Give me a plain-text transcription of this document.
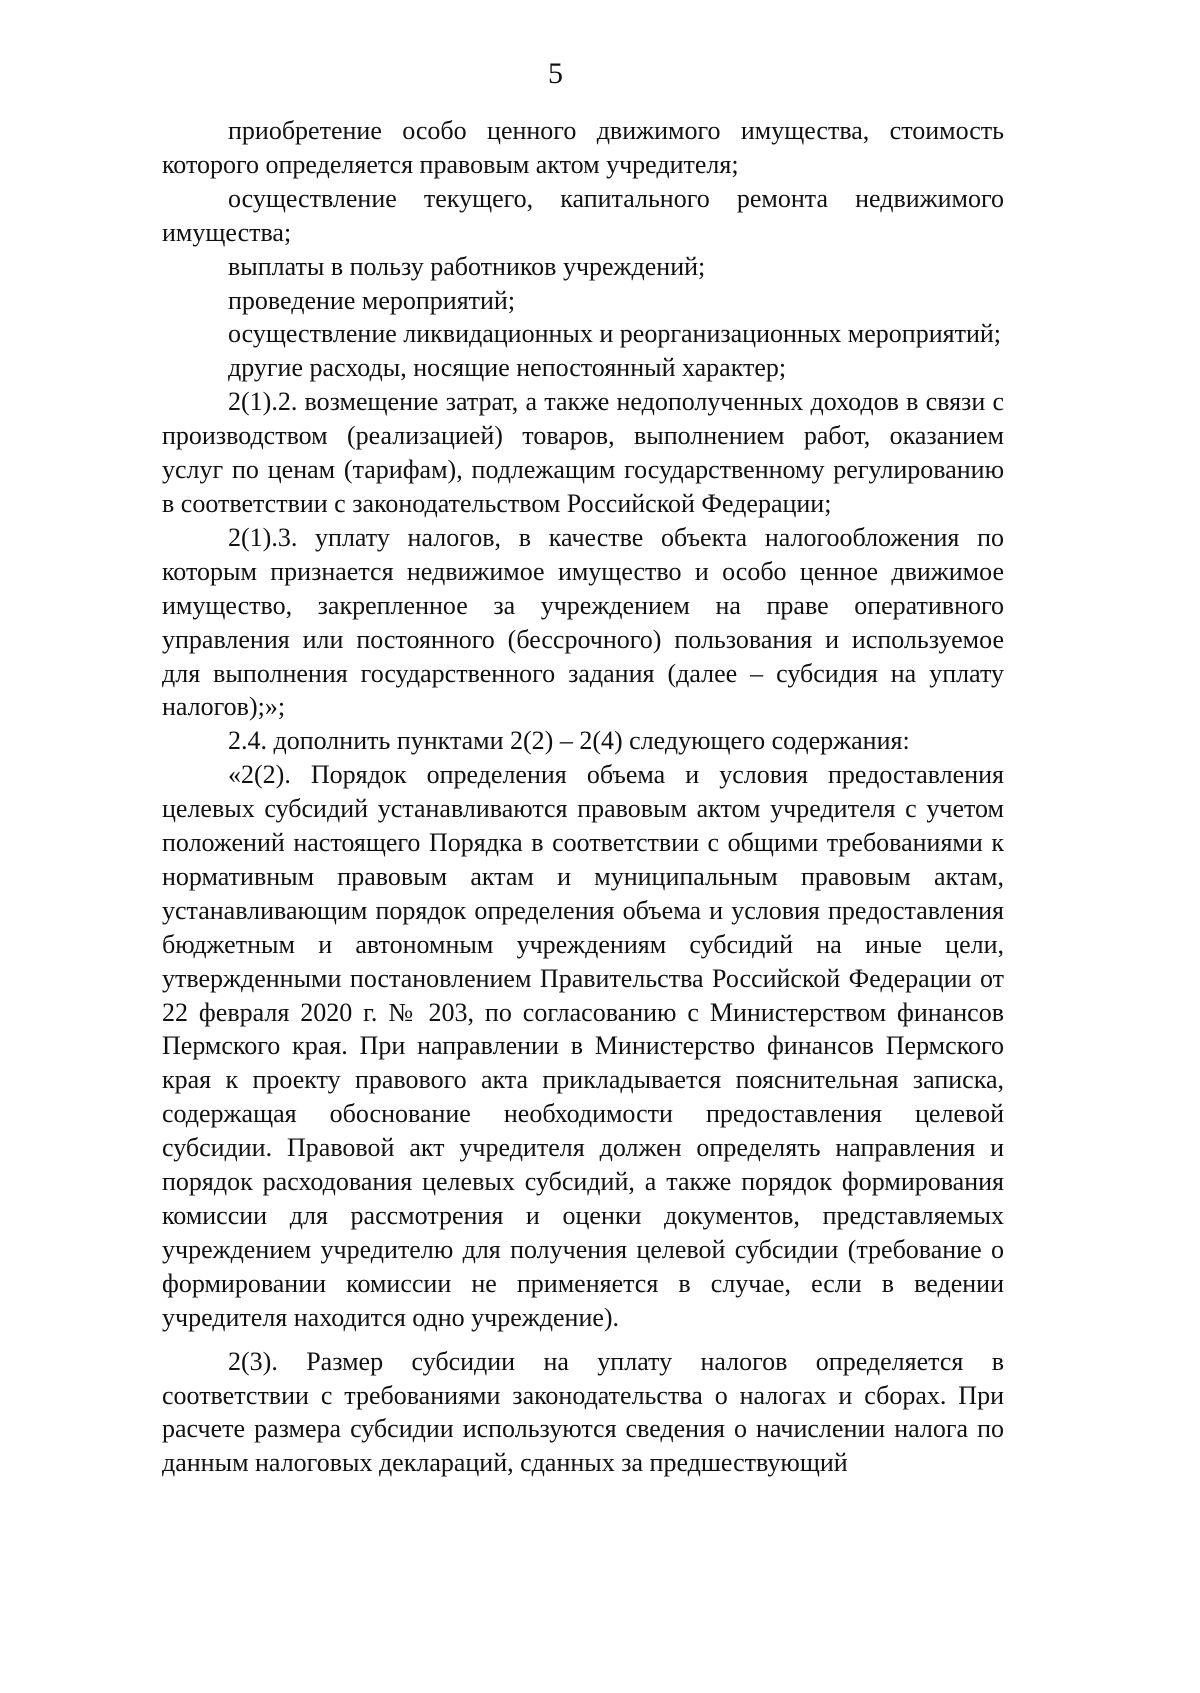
5

приобретение особо ценного движимого имущества, стоимость которого определяется правовым актом учредителя;

осуществление текущего, капитального ремонта недвижимого имущества;

выплаты в пользу работников учреждений;

проведение мероприятий;

осуществление ликвидационных и реорганизационных мероприятий;

другие расходы, носящие непостоянный характер;

2(1).2. возмещение затрат, а также недополученных доходов в связи с производством (реализацией) товаров, выполнением работ, оказанием услуг по ценам (тарифам), подлежащим государственному регулированию в соответствии с законодательством Российской Федерации;

2(1).3. уплату налогов, в качестве объекта налогообложения по которым признается недвижимое имущество и особо ценное движимое имущество, закрепленное за учреждением на праве оперативного управления или постоянного (бессрочного) пользования и используемое для выполнения государственного задания (далее – субсидия на уплату налогов);»;

2.4. дополнить пунктами 2(2) – 2(4) следующего содержания:

«2(2). Порядок определения объема и условия предоставления целевых субсидий устанавливаются правовым актом учредителя с учетом положений настоящего Порядка в соответствии с общими требованиями к нормативным правовым актам и муниципальным правовым актам, устанавливающим порядок определения объема и условия предоставления бюджетным и автономным учреждениям субсидий на иные цели, утвержденными постановлением Правительства Российской Федерации от 22 февраля 2020 г. № 203, по согласованию с Министерством финансов Пермского края. При направлении в Министерство финансов Пермского края к проекту правового акта прикладывается пояснительная записка, содержащая обоснование необходимости предоставления целевой субсидии. Правовой акт учредителя должен определять направления и порядок расходования целевых субсидий, а также порядок формирования комиссии для рассмотрения и оценки документов, представляемых учреждением учредителю для получения целевой субсидии (требование о формировании комиссии не применяется в случае, если в ведении учредителя находится одно учреждение).

2(3). Размер субсидии на уплату налогов определяется в соответствии с требованиями законодательства о налогах и сборах. При расчете размера субсидии используются сведения о начислении налога по данным налоговых деклараций, сданных за предшествующий
